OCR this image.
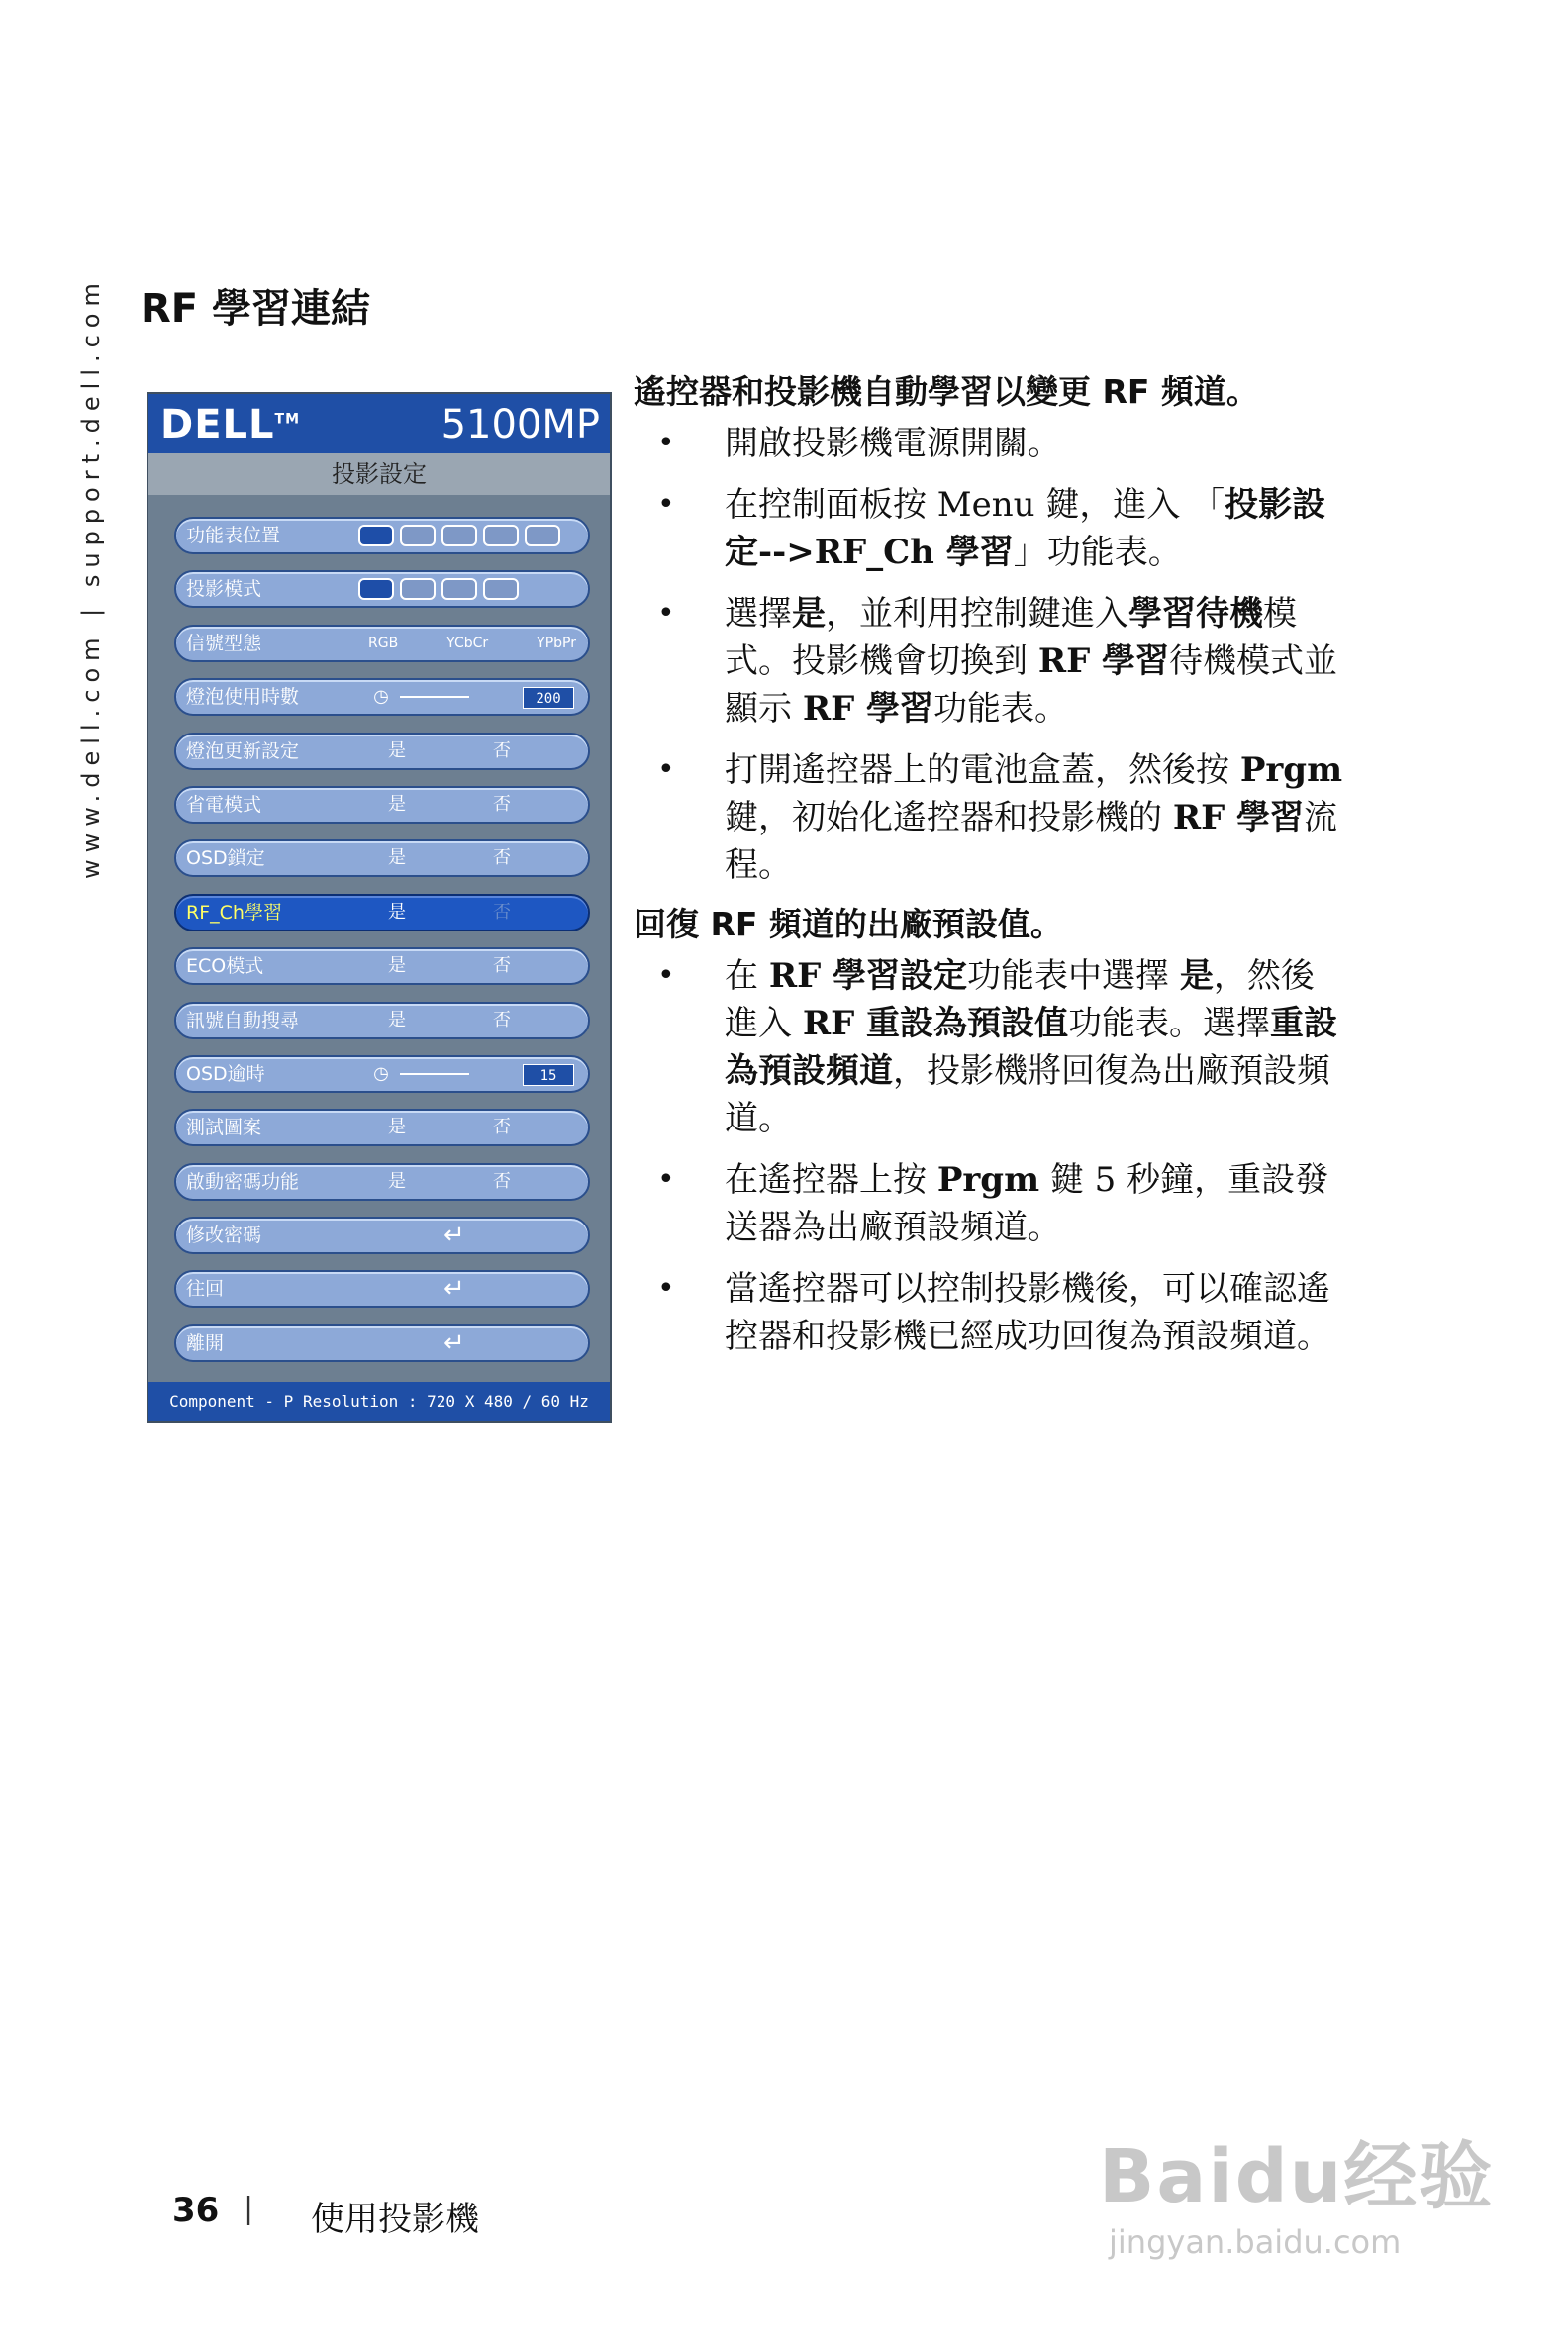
www.dell.com | support.dell.com RF 學習連結
DELL™	5100MP
投影設定
功能表位置
投影模式
信號型態	RGB	YCbCr	YPbPr
燈泡使用時數	◷	200
燈泡更新設定	是	否
省電模式	是	否
OSD鎖定	是	否
RF_Ch學習	是	否
ECO模式	是	否
訊號自動搜尋	是	否
OSD逾時	◷	15
測試圖案	是	否
啟動密碼功能	是	否
修改密碼	↵
往回	↵
離開	↵
Component - P Resolution : 720 X 480 / 60 Hz
遙控器和投影機自動學習以變更 RF 頻道。
• 開啟投影機電源開關。
• 在控制面板按 Menu 鍵，進入 「投影設定-->RF_Ch 學習」功能表。
• 選擇是，並利用控制鍵進入學習待機模式。投影機會切換到 RF 學習待機模式並顯示 RF 學習功能表。
• 打開遙控器上的電池盒蓋，然後按 Prgm 鍵，初始化遙控器和投影機的 RF 學習流程。
回復 RF 頻道的出廠預設值。
• 在 RF 學習設定功能表中選擇 是，然後進入 RF 重設為預設值功能表。選擇重設為預設頻道，投影機將回復為出廠預設頻道。
• 在遙控器上按 Prgm 鍵 5 秒鐘，重設發送器為出廠預設頻道。
• 當遙控器可以控制投影機後，可以確認遙控器和投影機已經成功回復為預設頻道。
36 | 使用投影機	Baidu经验
jingyan.baidu.com
